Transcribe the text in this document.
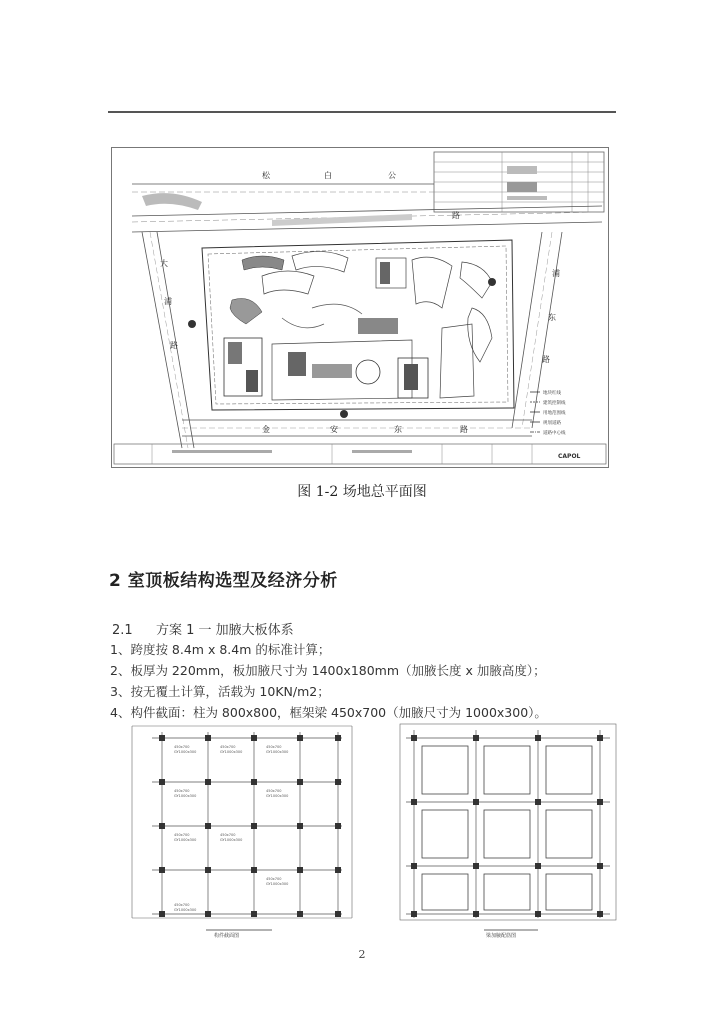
松	白	公
路
大
浦
路
浦
东
路
金	安	东	路
地块红线
建筑控制线
用地范围线
规划道路
道路中心线
CAPOL
图 1-2 场地总平面图
2 室顶板结构选型及经济分析
2.1 方案 1 一 加腋大板体系
1、跨度按 8.4m x 8.4m 的标准计算；
2、板厚为 220mm，板加腋尺寸为 1400x180mm（加腋长度 x 加腋高度）；
3、按无覆土计算，活载为 10KN/m2；
4、构件截面：柱为 800x800，框架梁 450x700（加腋尺寸为 1000x300）。
450x700
GY1000x300
450x700
GY1000x300
450x700
GY1000x300
450x700
GY1000x300
450x700
GY1000x300
450x700
GY1000x300
450x700
GY1000x300
450x700
GY1000x300
450x700
GY1000x300
构件截面图	梁加腋配筋图
2
